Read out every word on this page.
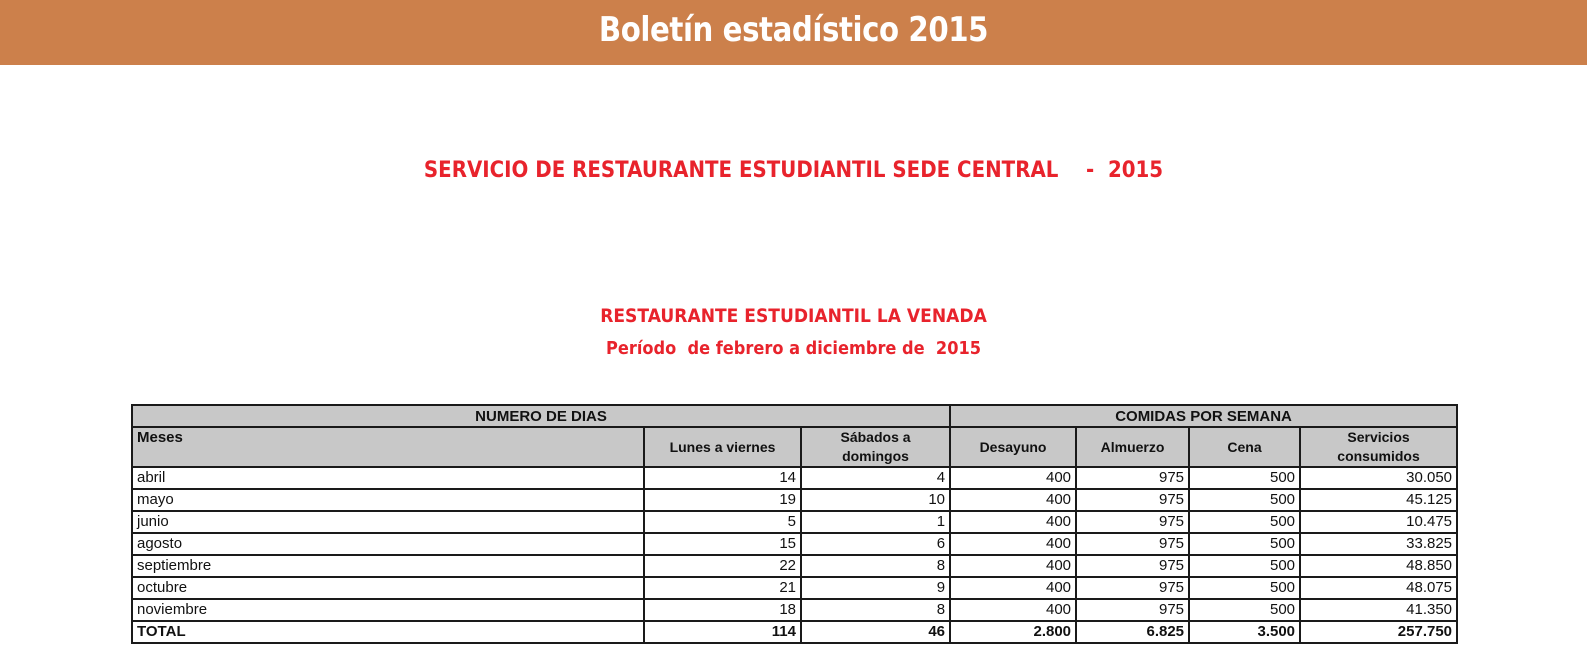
Boletín estadístico 2015
SERVICIO DE RESTAURANTE ESTUDIANTIL SEDE CENTRAL    -  2015
RESTAURANTE ESTUDIANTIL LA VENADA
Período  de febrero a diciembre de  2015
NUMERO DE DIAS			COMIDAS POR SEMANA			
Meses	Lunes a viernes	Sábados a domingos	Desayuno	Almuerzo	Cena	Servicios consumidos
abril	14	4	400	975	500	30.050
mayo	19	10	400	975	500	45.125
junio	5	1	400	975	500	10.475
agosto	15	6	400	975	500	33.825
septiembre	22	8	400	975	500	48.850
octubre	21	9	400	975	500	48.075
noviembre	18	8	400	975	500	41.350
TOTAL	114	46	2.800	6.825	3.500	257.750
